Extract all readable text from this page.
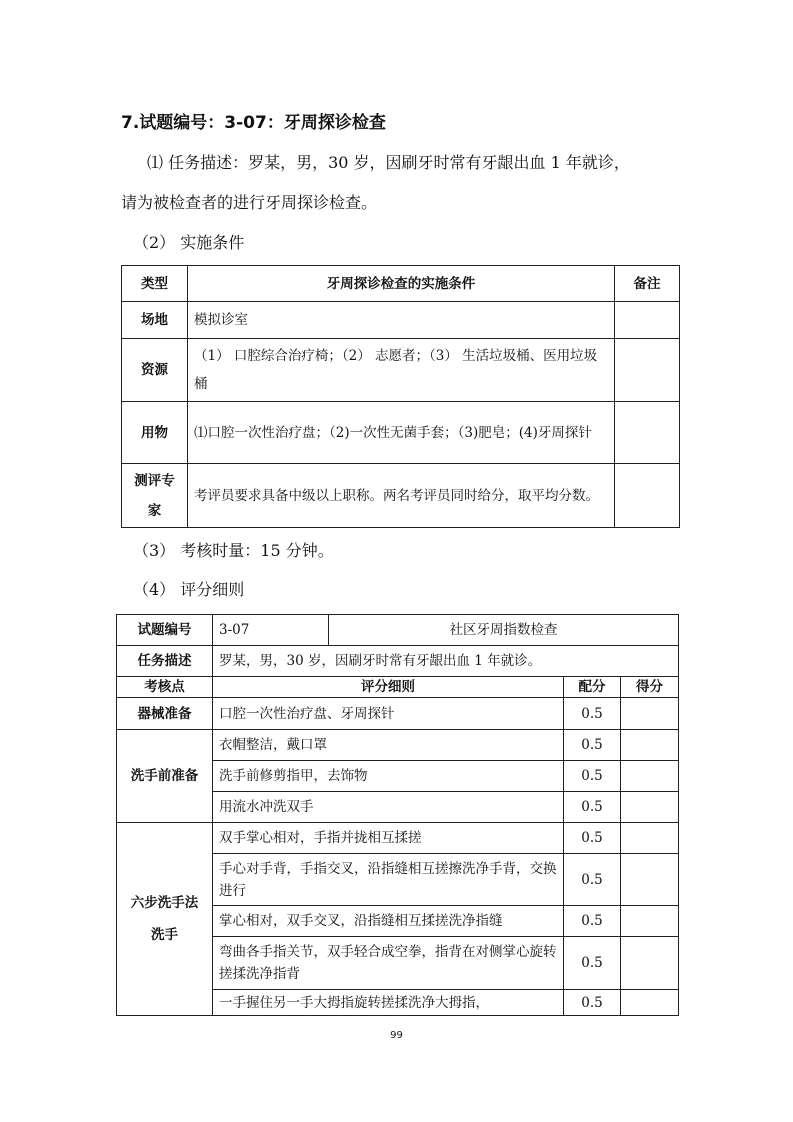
7.试题编号：3-07：牙周探诊检查
⑴ 任务描述：罗某，男，30 岁，因刷牙时常有牙龈出血 1 年就诊，
请为被检查者的进行牙周探诊检查。
（2） 实施条件
类型	牙周探诊检查的实施条件	备注
场地	模拟诊室	
资源	（1） 口腔综合治疗椅；（2） 志愿者；（3） 生活垃圾桶、医用垃圾桶	
用物	⑴口腔一次性治疗盘；（2)一次性无菌手套；（3)肥皂；(4)牙周探针	
测评专家	考评员要求具备中级以上职称。两名考评员同时给分，取平均分数。	
（3） 考核时量：15 分钟。
（4） 评分细则
试题编号	3-07	社区牙周指数检查		
任务描述	罗某，男，30 岁，因刷牙时常有牙龈出血 1 年就诊。			
考核点	评分细则		配分	得分
器械准备	口腔一次性治疗盘、牙周探针		0.5	
洗手前准备	衣帽整洁，戴口罩		0.5	
	洗手前修剪指甲，去饰物		0.5	
	用流水冲洗双手		0.5	
六步洗手法洗手	双手掌心相对，手指并拢相互揉搓		0.5	
	手心对手背，手指交叉，沿指缝相互搓擦洗净手背，交换进行		0.5	
	掌心相对，双手交叉，沿指缝相互揉搓洗净指缝		0.5	
	弯曲各手指关节，双手轻合成空拳，指背在对侧掌心旋转搓揉洗净指背		0.5	
	一手握住另一手大拇指旋转搓揉洗净大拇指，		0.5	
99
